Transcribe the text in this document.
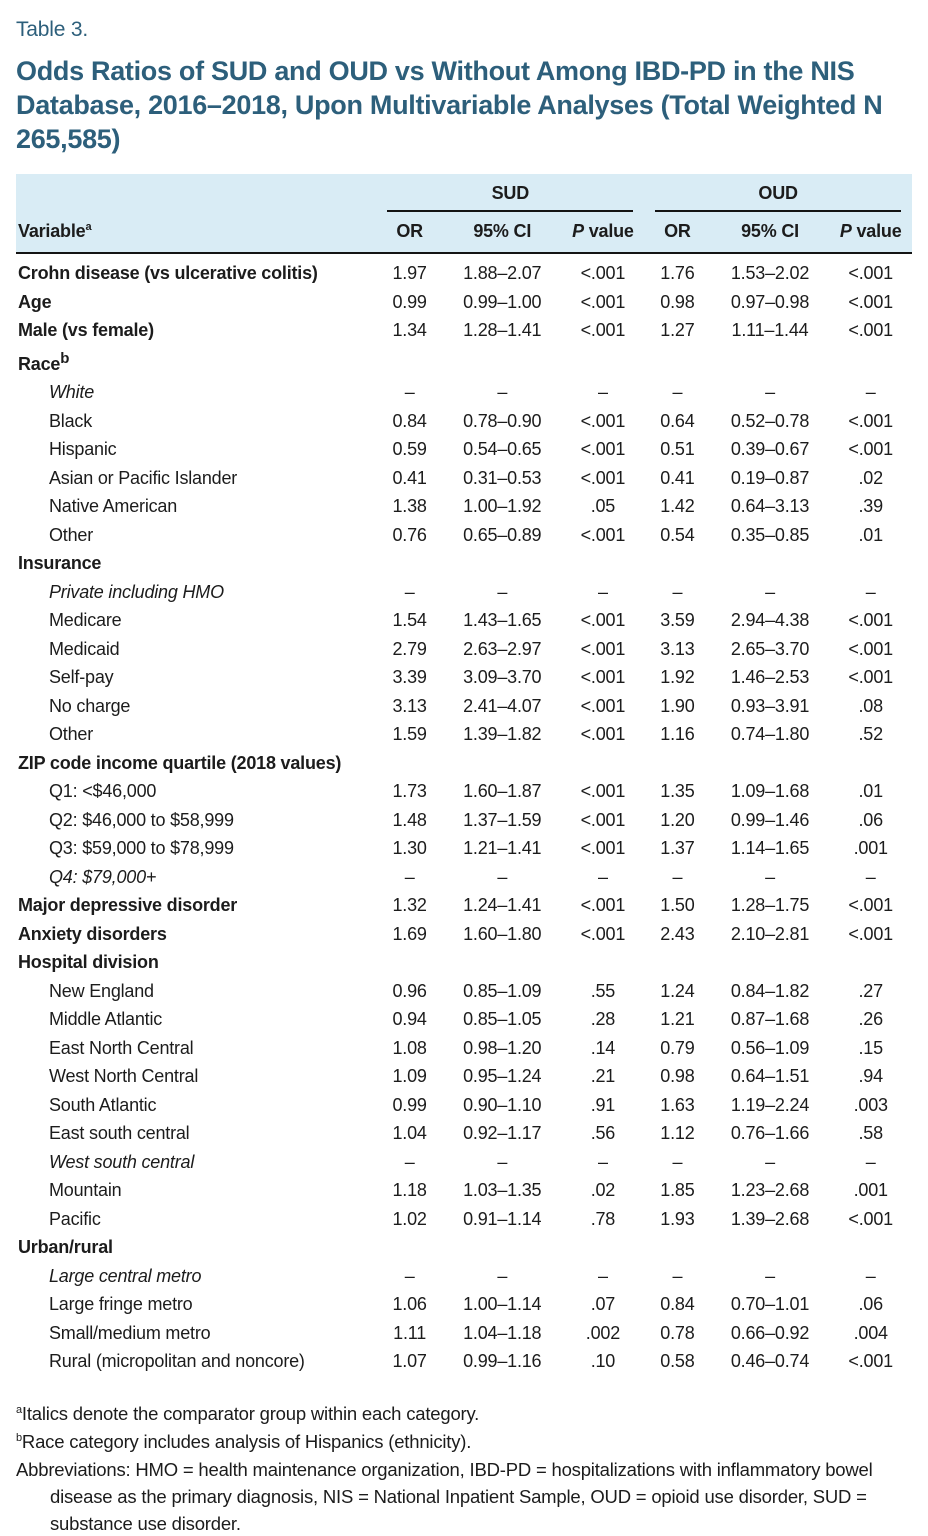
Table 3.
Odds Ratios of SUD and OUD vs Without Among IBD-PD in the NIS Database, 2016–2018, Upon Multivariable Analyses (Total Weighted N 265,585)

	SUD			OUD		

Variable$^a$	OR	95% CI	P value	OR	95% CI	P value
Crohn disease (vs ulcerative colitis)	1.97	1.88–2.07	<.001	1.76	1.53–2.02	<.001
Age	0.99	0.99–1.00	<.001	0.98	0.97–0.98	<.001
Male (vs female)	1.34	1.28–1.41	<.001	1.27	1.11–1.44	<.001
Race$^b$						
White	–	–	–	–	–	–
Black	0.84	0.78–0.90	<.001	0.64	0.52–0.78	<.001
Hispanic	0.59	0.54–0.65	<.001	0.51	0.39–0.67	<.001
Asian or Pacific Islander	0.41	0.31–0.53	<.001	0.41	0.19–0.87	.02
Native American	1.38	1.00–1.92	.05	1.42	0.64–3.13	.39
Other	0.76	0.65–0.89	<.001	0.54	0.35–0.85	.01
Insurance						
Private including HMO	–	–	–	–	–	–
Medicare	1.54	1.43–1.65	<.001	3.59	2.94–4.38	<.001
Medicaid	2.79	2.63–2.97	<.001	3.13	2.65–3.70	<.001
Self-pay	3.39	3.09–3.70	<.001	1.92	1.46–2.53	<.001
No charge	3.13	2.41–4.07	<.001	1.90	0.93–3.91	.08
Other	1.59	1.39–1.82	<.001	1.16	0.74–1.80	.52
ZIP code income quartile (2018 values)						
Q1: <$46,000	1.73	1.60–1.87	<.001	1.35	1.09–1.68	.01
Q2: $46,000 to $58,999	1.48	1.37–1.59	<.001	1.20	0.99–1.46	.06
Q3: $59,000 to $78,999	1.30	1.21–1.41	<.001	1.37	1.14–1.65	.001
Q4: $79,000+	–	–	–	–	–	–
Major depressive disorder	1.32	1.24–1.41	<.001	1.50	1.28–1.75	<.001
Anxiety disorders	1.69	1.60–1.80	<.001	2.43	2.10–2.81	<.001
Hospital division						
New England	0.96	0.85–1.09	.55	1.24	0.84–1.82	.27
Middle Atlantic	0.94	0.85–1.05	.28	1.21	0.87–1.68	.26
East North Central	1.08	0.98–1.20	.14	0.79	0.56–1.09	.15
West North Central	1.09	0.95–1.24	.21	0.98	0.64–1.51	.94
South Atlantic	0.99	0.90–1.10	.91	1.63	1.19–2.24	.003
East south central	1.04	0.92–1.17	.56	1.12	0.76–1.66	.58
West south central	–	–	–	–	–	–
Mountain	1.18	1.03–1.35	.02	1.85	1.23–2.68	.001
Pacific	1.02	0.91–1.14	.78	1.93	1.39–2.68	<.001
Urban/rural						
Large central metro	–	–	–	–	–	–
Large fringe metro	1.06	1.00–1.14	.07	0.84	0.70–1.01	.06
Small/medium metro	1.11	1.04–1.18	.002	0.78	0.66–0.92	.004
Rural (micropolitan and noncore)	1.07	0.99–1.16	.10	0.58	0.46–0.74	<.001

$^a$Italics denote the comparator group within each category.

$^b$Race category includes analysis of Hispanics (ethnicity).

Abbreviations: HMO = health maintenance organization, IBD-PD = hospitalizations with inflammatory bowel disease as the primary diagnosis, NIS = National Inpatient Sample, OUD = opioid use disorder, SUD = substance use disorder.
